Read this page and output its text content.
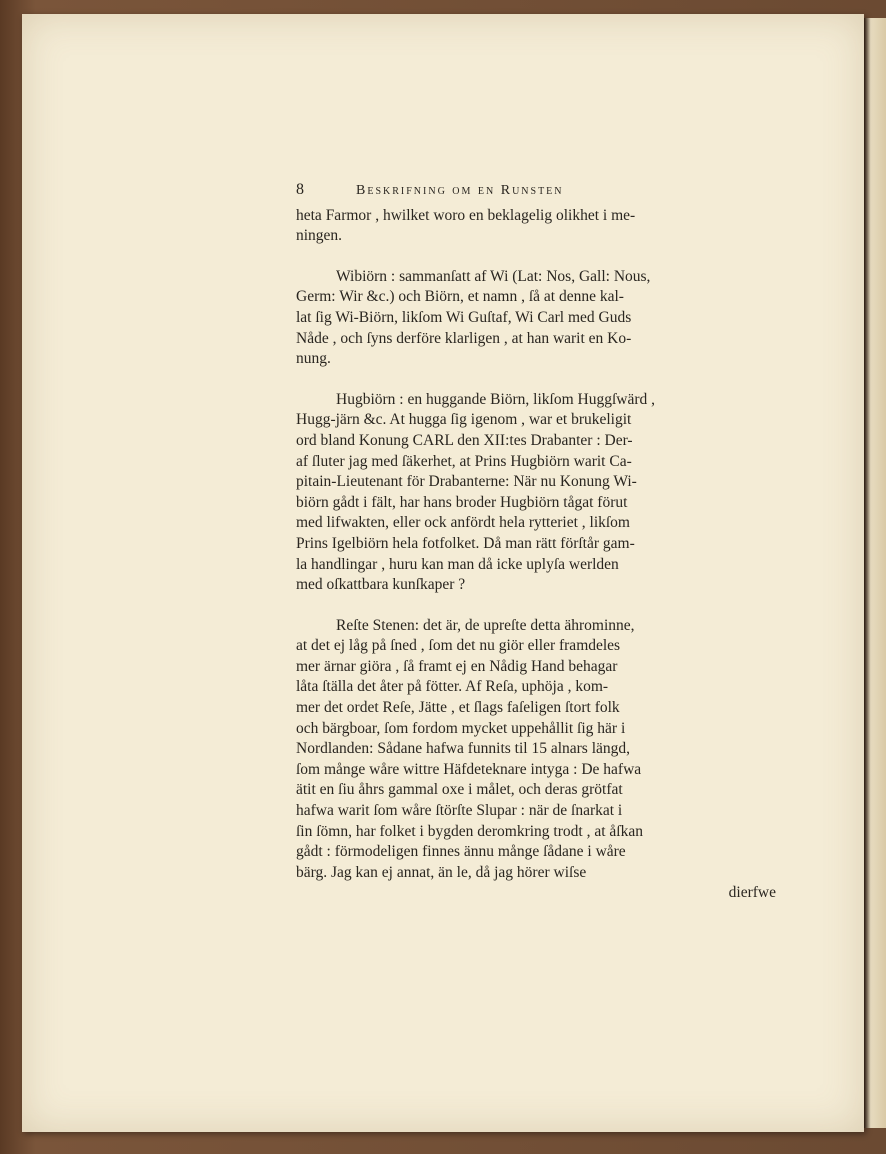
8	Beskrifning om en Runsten

heta Farmor , hwilket woro en beklagelig olikhet i me-
ningen.

Wibiörn : sammanſatt af Wi (Lat: Nos, Gall: Nous,
Germ: Wir &c.) och Biörn, et namn , ſå at denne kal-
lat ſig Wi-Biörn, likſom Wi Guſtaf, Wi Carl med Guds
Nåde , och ſyns derföre klarligen , at han warit en Ko-
nung.

Hugbiörn : en huggande Biörn, likſom Huggſwärd ,
Hugg-järn &c. At hugga ſig igenom , war et brukeligit
ord bland Konung CARL den XII:tes Drabanter : Der-
af ſluter jag med ſäkerhet, at Prins Hugbiörn warit Ca-
pitain-Lieutenant för Drabanterne: När nu Konung Wi-
biörn gådt i fält, har hans broder Hugbiörn tågat förut
med lifwakten, eller ock anfördt hela rytteriet , likſom
Prins Igelbiörn hela fotfolket. Då man rätt förſtår gam-
la handlingar , huru kan man då icke uplyſa werlden
med oſkattbara kunſkaper ?

Reſte Stenen: det är, de upreſte detta ährominne,
at det ej låg på ſned , ſom det nu giör eller framdeles
mer ärnar giöra , ſå framt ej en Nådig Hand behagar
låta ſtälla det åter på fötter. Af Reſa, uphöja , kom-
mer det ordet Reſe, Jätte , et ſlags faſeligen ſtort folk
och bärgboar, ſom fordom mycket uppehållit ſig här i
Nordlanden: Sådane hafwa funnits til 15 alnars längd,
ſom månge wåre wittre Häfdeteknare intyga : De hafwa
ätit en ſiu åhrs gammal oxe i målet, och deras grötfat
hafwa warit ſom wåre ſtörſte Slupar : när de ſnarkat i
ſin ſömn, har folket i bygden deromkring trodt , at åſkan
gådt : förmodeligen finnes ännu månge ſådane i wåre
bärg. Jag kan ej annat, än le, då jag hörer wiſse

dierfwe
